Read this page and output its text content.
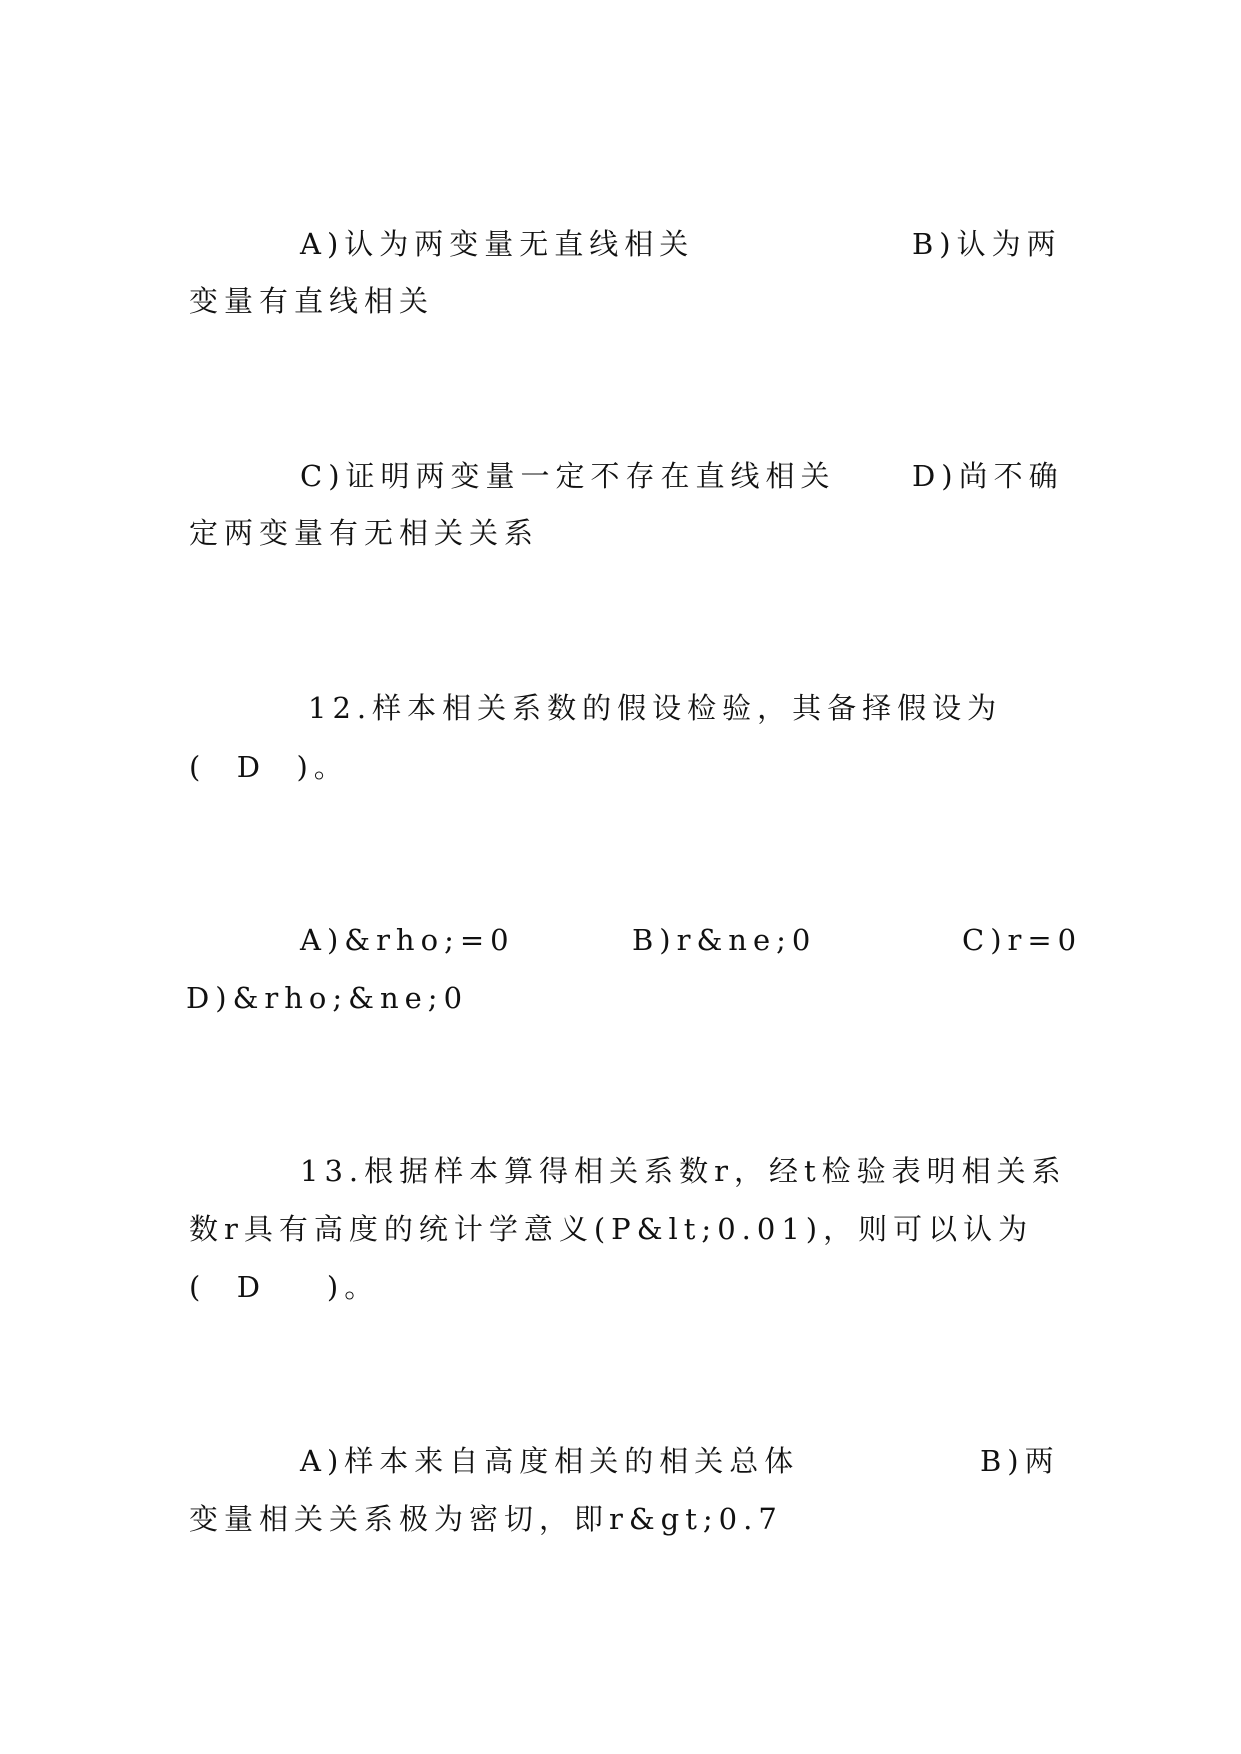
A)认为两变量无直线相关	B)认为两
变量有直线相关
C)证明两变量一定不存在直线相关	D)尚不确
定两变量有无相关关系
12.样本相关系数的假设检验，其备择假设为
(  D  )。
A)&rho;=0	B)r&ne;0	C)r=0
D)&rho;&ne;0
13.根据样本算得相关系数r，经t检验表明相关系
数r具有高度的统计学意义(P&lt;0.01)，则可以认为
(  D    )。
A)样本来自高度相关的相关总体	B)两
变量相关关系极为密切，即r&gt;0.7
